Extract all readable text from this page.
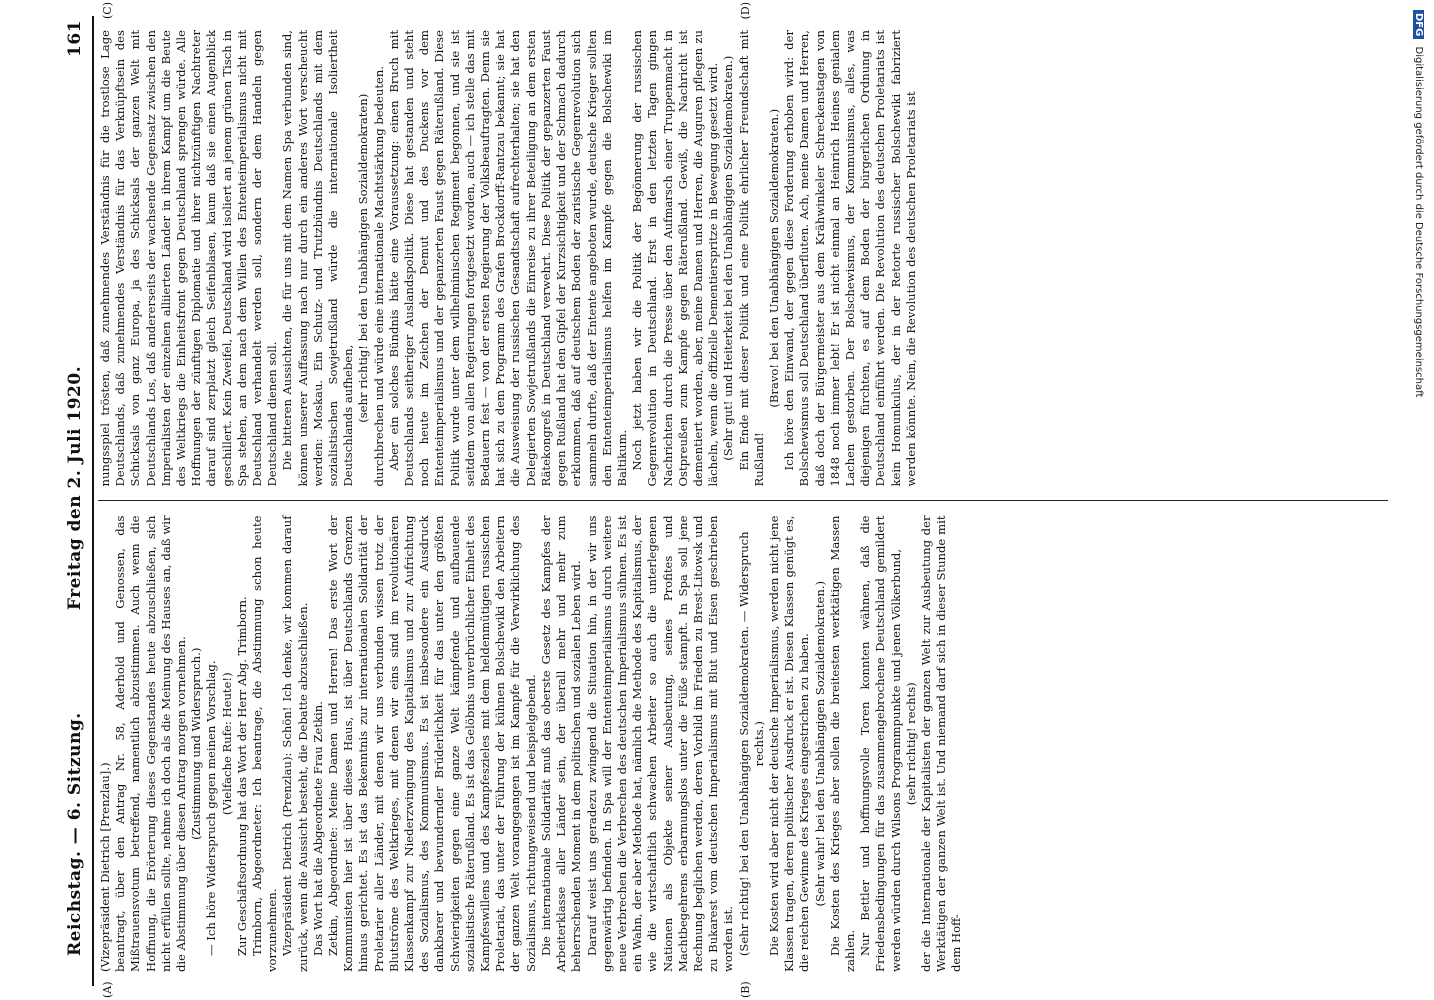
Reichstag. — 6. Sitzung.
Freitag den 2. Juli 1920.
161
(A)	(B)

(Vizepräsident Dietrich [Prenzlau].) beantragt, über den Antrag Nr. 58, Aderhold und Genossen, das Mißtrauensvotum betreffend, namentlich abzustimmen. Auch wenn die Hoffnung, die Erörterung dieses Gegenstandes heute abzuschließen, sich nicht erfüllen sollte, nehme ich doch als die Meinung des Hauses an, daß wir die Abstimmung über diesen Antrag morgen vornehmen. (Zustimmung und Widerspruch.) — Ich höre Widerspruch gegen meinen Vorschlag. (Vielfache Rufe: Heute!) Zur Geschäftsordnung hat das Wort der Herr Abg. Trimborn. Trimborn, Abgeordneter: Ich beantrage, die Abstimmung schon heute vorzunehmen. Vizepräsident Dietrich (Prenzlau): Schön! Ich denke, wir kommen darauf zurück, wenn die Aussicht besteht, die Debatte abzuschließen. Das Wort hat die Abgeordnete Frau Zetkin. Zetkin, Abgeordnete: Meine Damen und Herren! Das erste Wort der Kommunisten hier ist über dieses Haus, ist über Deutschlands Grenzen hinaus gerichtet. Es ist das Bekenntnis zur internationalen Solidarität der Proletarier aller Länder, mit denen wir uns verbunden wissen trotz der Blutströme des Weltkrieges, mit denen wir eins sind im revolutionären Klassenkampf zur Niederzwingung des Kapitalismus und zur Aufrichtung des Sozialismus, des Kommunismus. Es ist insbesondere ein Ausdruck dankbarer und bewundernder Brüderlichkeit für das unter den größten Schwierigkeiten gegen eine ganze Welt kämpfende und aufbauende sozialistische Räterußland. Es ist das Gelöbnis unverbrüchlicher Einheit des Kampfeswillens und des Kampfeszieles mit dem heldenmütigen russischen Proletariat, das unter der Führung der kühnen Bolschewiki den Arbeitern der ganzen Welt vorangegangen ist im Kampfe für die Verwirklichung des Sozialismus, richtungweisend und beispielgebend. Die internationale Solidarität muß das oberste Gesetz des Kampfes der Arbeiterklasse aller Länder sein, der überall mehr und mehr zum beherrschenden Moment in dem politischen und sozialen Leben wird. Darauf weist uns geradezu zwingend die Situation hin, in der wir uns gegenwärtig befinden. In Spa will der Ententeimperialismus durch weitere neue Verbrechen die Verbrechen des deutschen Imperialismus sühnen. Es ist ein Wahn, der aber Methode hat, nämlich die Methode des Kapitalismus, der wie die wirtschaftlich schwachen Arbeiter so auch die unterlegenen Nationen als Objekte seiner Ausbeutung, seines Profites und Machtbegehrens erbarmungslos unter die Füße stampft. In Spa soll jene Rechnung beglichen werden, deren Vorbild im Frieden zu Brest-Litowsk und zu Bukarest vom deutschen Imperialismus mit Blut und Eisen geschrieben worden ist. (Sehr richtig! bei den Unabhängigen Sozialdemokraten. — Widerspruch rechts.) Die Kosten wird aber nicht der deutsche Imperialismus, werden nicht jene Klassen tragen, deren politischer Ausdruck er ist. Diesen Klassen genügt es, die reichen Gewinne des Krieges eingestrichen zu haben. (Sehr wahr! bei den Unabhängigen Sozialdemokraten.) Die Kosten des Krieges aber sollen die breitesten werktätigen Massen zahlen. Nur Bettler und hoffnungsvolle Toren konnten wähnen, daß die Friedensbedingungen für das zusammengebrochene Deutschland gemildert werden würden durch Wilsons Programmpunkte und jenen Völkerbund, (sehr richtig! rechts) der die Internationale der Kapitalisten der ganzen Welt zur Ausbeutung der Werktätigen der ganzen Welt ist. Und niemand darf sich in dieser Stunde mit dem Hoff-

(C)	(D)

nungsspiel trösten, daß zunehmendes Verständnis für die trostlose Lage Deutschlands, daß zunehmendes Verständnis für das Verknüpftsein des Schicksals von ganz Europa, ja des Schicksals der ganzen Welt mit Deutschlands Los, daß andererseits der wachsende Gegensatz zwischen den Imperialisten der einzelnen alliierten Länder in ihrem Kampf um die Beute des Weltkriegs die Einheitsfront gegen Deutschland sprengen würde. Alle Hoffnungen der zünftigen Diplomatie und ihrer nichtzünftigen Nachtreter darauf sind zerplatzt gleich Seifenblasen, kaum daß sie einen Augenblick geschillert. Kein Zweifel, Deutschland wird isoliert an jenem grünen Tisch in Spa stehen, an dem nach dem Willen des Ententeimperialismus nicht mit Deutschland verhandelt werden soll, sondern der dem Handeln gegen Deutschland dienen soll. Die bitteren Aussichten, die für uns mit dem Namen Spa verbunden sind, können unserer Auffassung nach nur durch ein anderes Wort verscheucht werden: Moskau. Ein Schutz- und Trutzbündnis Deutschlands mit dem sozialistischen Sowjetrußland würde die internationale Isoliertheit Deutschlands aufheben, (sehr richtig! bei den Unabhängigen Sozialdemokraten) durchbrechen und würde eine internationale Machtstärkung bedeuten. Aber ein solches Bündnis hätte eine Voraussetzung: einen Bruch mit Deutschlands seitheriger Auslandspolitik. Diese hat gestanden und steht noch heute im Zeichen der Demut und des Duckens vor dem Ententeimperialismus und der gepanzerten Faust gegen Räterußland. Diese Politik wurde unter dem wilhelminischen Regiment begonnen, und sie ist seitdem von allen Regierungen fortgesetzt worden, auch — ich stelle das mit Bedauern fest — von der ersten Regierung der Volksbeauftragten. Denn sie hat sich zu dem Programm des Grafen Brockdorff-Rantzau bekannt; sie hat die Ausweisung der russischen Gesandtschaft aufrechterhalten; sie hat den Delegierten Sowjetrußlands die Einreise zu ihrer Beteiligung an dem ersten Rätekongreß in Deutschland verwehrt. Diese Politik der gepanzerten Faust gegen Rußland hat den Gipfel der Kurzsichtigkeit und der Schmach dadurch erklommen, daß auf deutschem Boden der zaristische Gegenrevolution sich sammeln durfte, daß der Entente angeboten wurde, deutsche Krieger sollten den Ententeimperialismus helfen im Kampfe gegen die Bolschewiki im Baltikum. Noch jetzt haben wir die Politik der Begönnerung der russischen Gegenrevolution in Deutschland. Erst in den letzten Tagen gingen Nachrichten durch die Presse über den Aufmarsch einer Truppenmacht in Ostpreußen zum Kampfe gegen Räterußland. Gewiß, die Nachricht ist dementiert worden, aber, meine Damen und Herren, die Auguren pflegen zu lächeln, wenn die offizielle Dementierspritze in Bewegung gesetzt wird. (Sehr gut! und Heiterkeit bei den Unabhängigen Sozialdemokraten.) Ein Ende mit dieser Politik und eine Politik ehrlicher Freundschaft mit Rußland!

(Bravo! bei den Unabhängigen Sozialdemokraten.) Ich höre den Einwand, der gegen diese Forderung erhoben wird: der Bolschewismus soll Deutschland überfluten. Ach, meine Damen und Herren, daß doch der Bürgermeister aus dem Krähwinkeler Schreckenstagen von 1848 noch immer lebt! Er ist nicht einmal an Heinrich Heines genialem Lachen gestorben. Der Bolschewismus, der Kommunismus, alles, was diejenigen fürchten, es auf dem Boden der bürgerlichen Ordnung in Deutschland einführt werden. Die Revolution des deutschen Proletariats ist kein Homunkulus, der in der Retorte russischer Bolschewiki fabriziert werden könnte. Nein, die Revolution des deutschen Proletariats ist

DFG Digitalisierung gefördert durch die Deutsche Forschungsgemeinschaft
